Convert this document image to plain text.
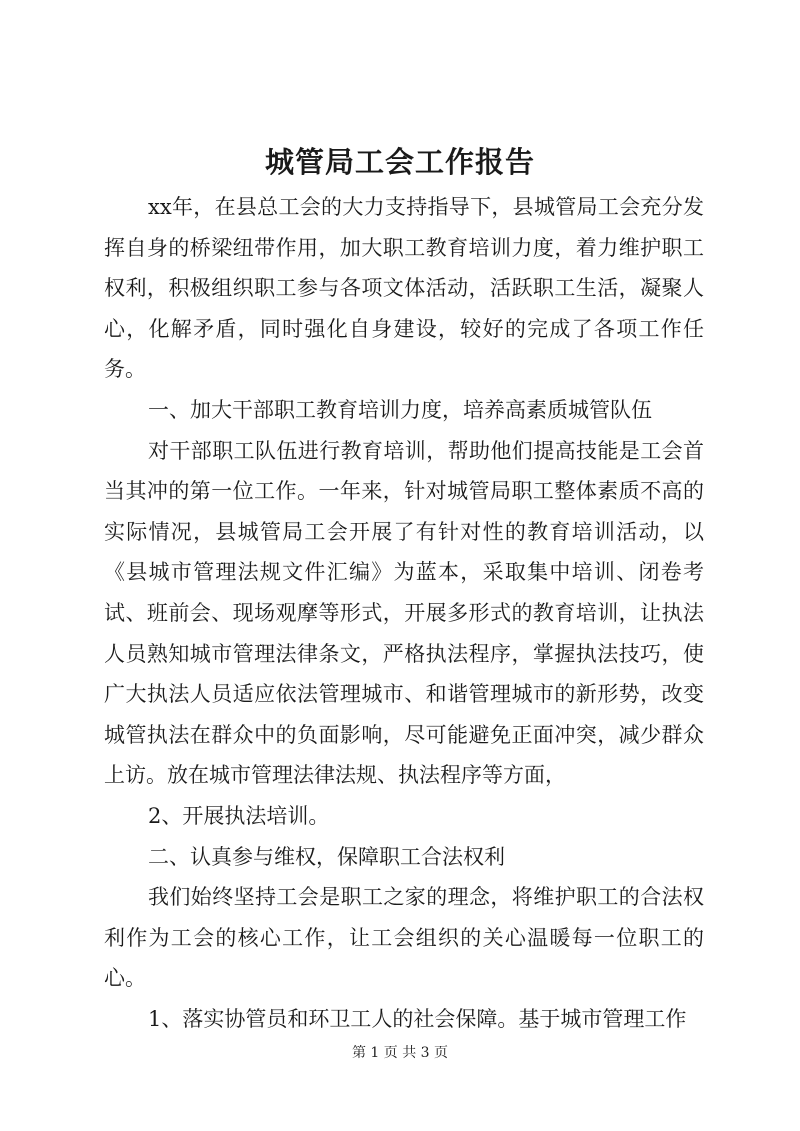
城管局工会工作报告

xx年，在县总工会的大力支持指导下，县城管局工会充分发挥自身的桥梁纽带作用，加大职工教育培训力度，着力维护职工权利，积极组织职工参与各项文体活动，活跃职工生活，凝聚人心，化解矛盾，同时强化自身建设，较好的完成了各项工作任务。

一、加大干部职工教育培训力度，培养高素质城管队伍

对干部职工队伍进行教育培训，帮助他们提高技能是工会首当其冲的第一位工作。一年来，针对城管局职工整体素质不高的实际情况，县城管局工会开展了有针对性的教育培训活动，以《县城市管理法规文件汇编》为蓝本，采取集中培训、闭卷考试、班前会、现场观摩等形式，开展多形式的教育培训，让执法人员熟知城市管理法律条文，严格执法程序，掌握执法技巧，使广大执法人员适应依法管理城市、和谐管理城市的新形势，改变城管执法在群众中的负面影响，尽可能避免正面冲突，减少群众上访。放在城市管理法律法规、执法程序等方面，

2、开展执法培训。

二、认真参与维权，保障职工合法权利

我们始终坚持工会是职工之家的理念，将维护职工的合法权利作为工会的核心工作，让工会组织的关心温暖每一位职工的心。

1、落实协管员和环卫工人的社会保障。基于城市管理工作

第 1 页 共 3 页
